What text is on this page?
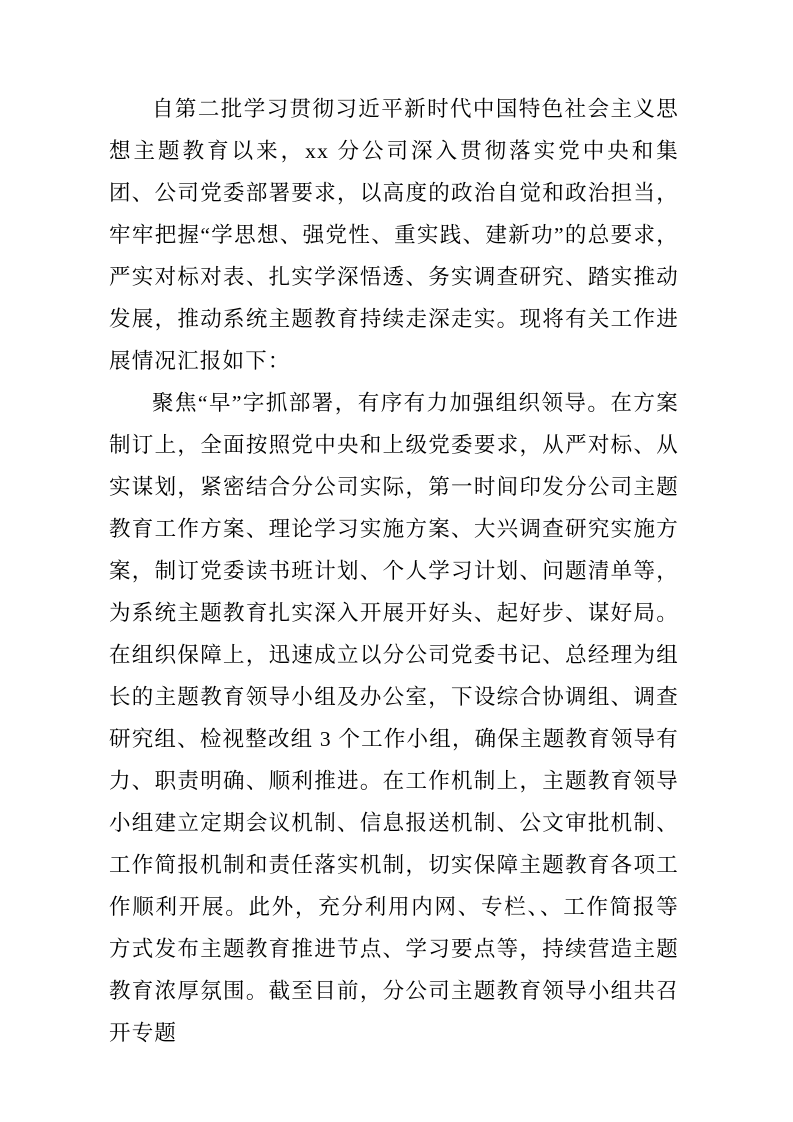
自第二批学习贯彻习近平新时代中国特色社会主义思想主题教育以来，xx 分公司深入贯彻落实党中央和集团、公司党委部署要求，以高度的政治自觉和政治担当，牢牢把握“学思想、强党性、重实践、建新功”的总要求，严实对标对表、扎实学深悟透、务实调查研究、踏实推动发展，推动系统主题教育持续走深走实。现将有关工作进展情况汇报如下：

聚焦“早”字抓部署，有序有力加强组织领导。在方案制订上，全面按照党中央和上级党委要求，从严对标、从实谋划，紧密结合分公司实际，第一时间印发分公司主题教育工作方案、理论学习实施方案、大兴调查研究实施方案，制订党委读书班计划、个人学习计划、问题清单等，为系统主题教育扎实深入开展开好头、起好步、谋好局。在组织保障上，迅速成立以分公司党委书记、总经理为组长的主题教育领导小组及办公室，下设综合协调组、调查研究组、检视整改组 3 个工作小组，确保主题教育领导有力、职责明确、顺利推进。在工作机制上，主题教育领导小组建立定期会议机制、信息报送机制、公文审批机制、工作简报机制和责任落实机制，切实保障主题教育各项工作顺利开展。此外，充分利用内网、专栏、、工作简报等方式发布主题教育推进节点、学习要点等，持续营造主题教育浓厚氛围。截至目前，分公司主题教育领导小组共召开专题
